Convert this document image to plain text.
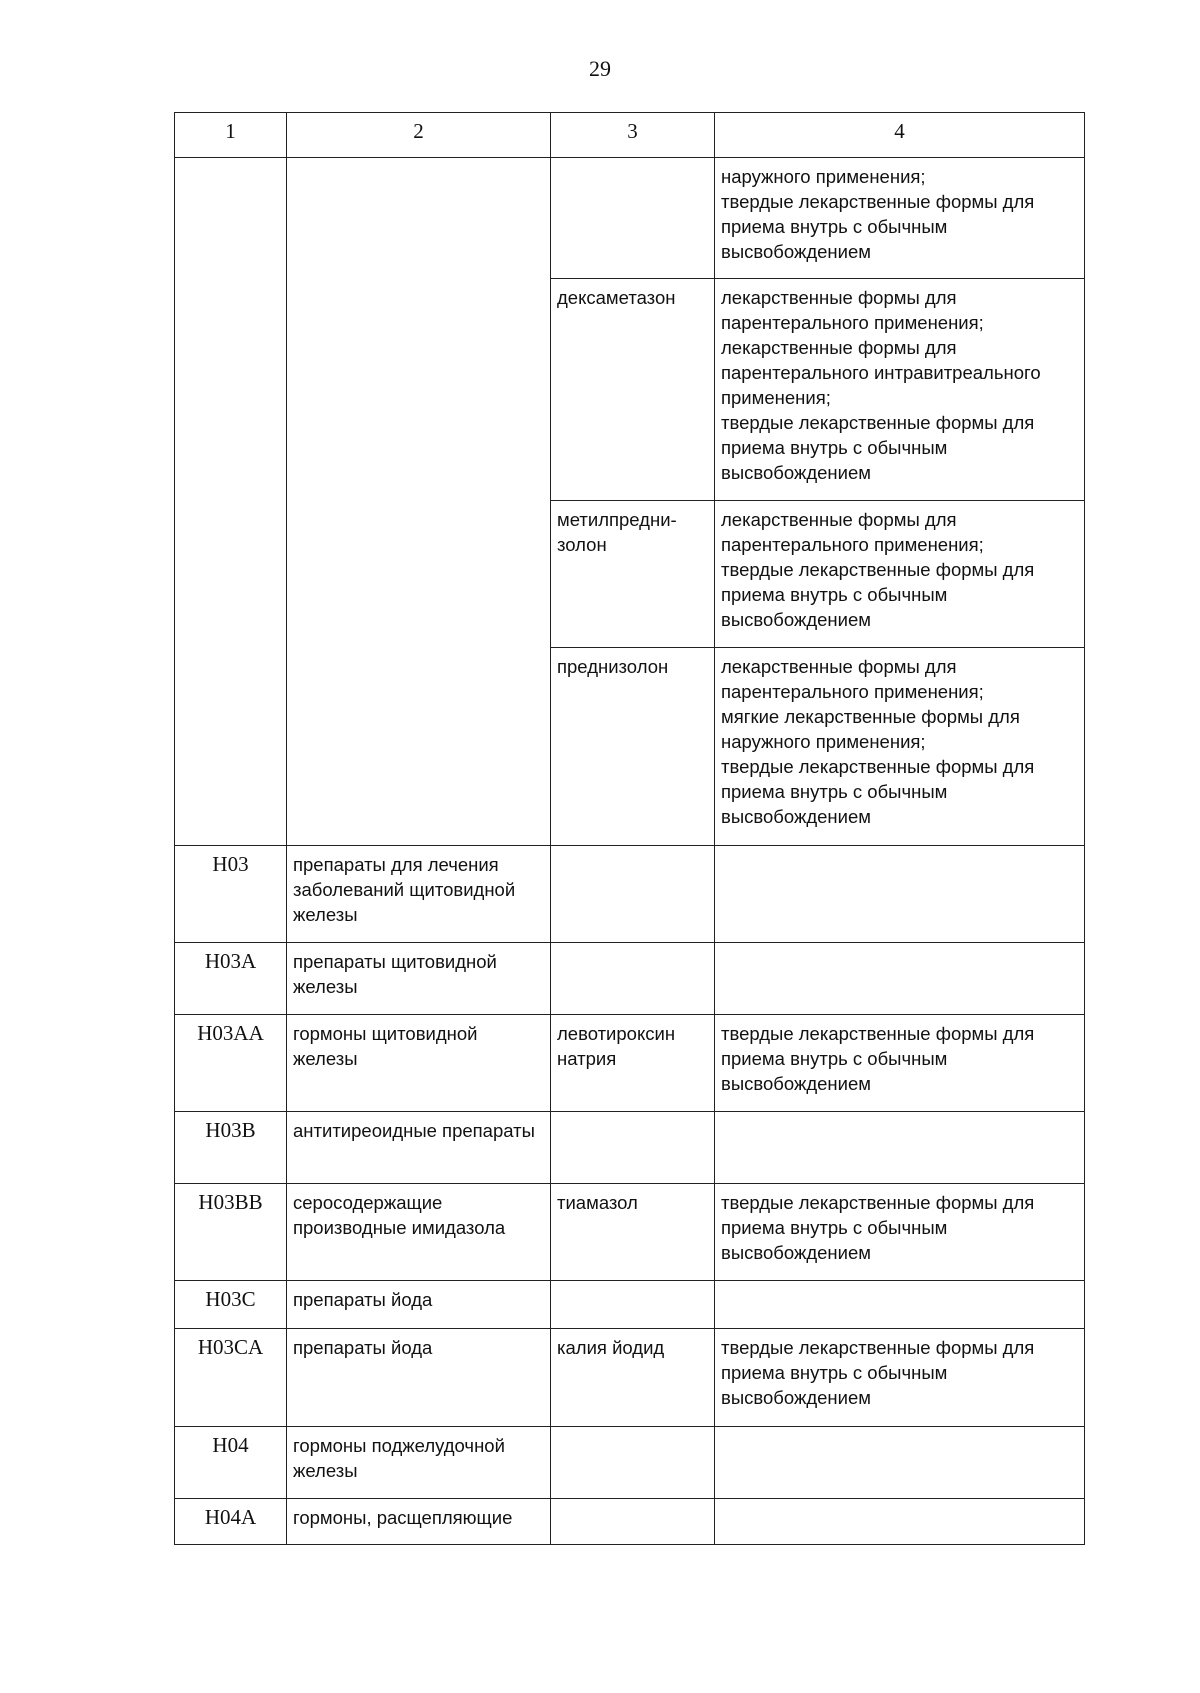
29
1	2	3	4

			наружного применения;
твердые лекарственные формы для приема внутрь с обычным высвобождением

		дексаметазон	лекарственные формы для парентерального применения;
лекарственные формы для парентерального интравитреального применения;
твердые лекарственные формы для приема внутрь с обычным высвобождением

		метилпредни-золон	лекарственные формы для парентерального применения;
твердые лекарственные формы для приема внутрь с обычным высвобождением

		преднизолон	лекарственные формы для парентерального применения;
мягкие лекарственные формы для наружного применения;
твердые лекарственные формы для приема внутрь с обычным высвобождением

H03	препараты для лечения заболеваний щитовидной железы		
H03A	препараты щитовидной железы		
H03AA	гормоны щитовидной железы	левотироксин натрия	твердые лекарственные формы для приема внутрь с обычным высвобождением
H03B	антитиреоидные препараты		
H03BB	серосодержащие производные имидазола	тиамазол	твердые лекарственные формы для приема внутрь с обычным высвобождением
H03C	препараты йода		
H03CA	препараты йода	калия йодид	твердые лекарственные формы для приема внутрь с обычным высвобождением
H04	гормоны поджелудочной железы		
H04A	гормоны, расщепляющие		
